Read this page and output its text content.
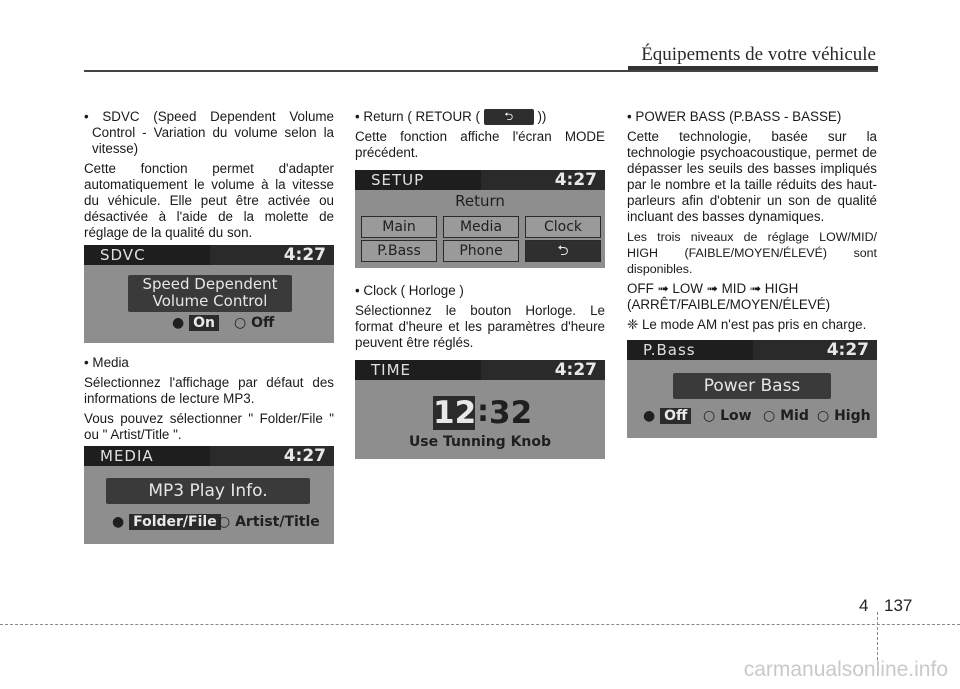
Équipements de votre véhicule

• SDVC (Speed Dependent Volume Control - Variation du volume selon la vitesse)

Cette fonction permet d'adapter automatiquement le volume à la vitesse du véhicule. Elle peut être activée ou désactivée à l'aide de la molette de réglage de la qualité du son.

SDVC	4:27
Speed Dependent
Volume Control
● On ○ Off

• Media

Sélectionnez l'affichage par défaut des informations de lecture MP3.

Vous pouvez sélectionner " Folder/File " ou " Artist/Title ".

MEDIA	4:27
MP3 Play Info.
● Folder/File ○ Artist/Title

• Return ( RETOUR ( ⮌ ))

Cette fonction affiche l'écran MODE précédent.

SETUP	4:27
Return
Main	Media	Clock
P.Bass	Phone	⮌

• Clock ( Horloge )

Sélectionnez le bouton Horloge. Le format d'heure et les paramètres d'heure peuvent être réglés.

TIME	4:27
12 : 32
Use Tunning Knob

• POWER BASS (P.BASS - BASSE)

Cette technologie, basée sur la technologie psychoacoustique, permet de dépasser les seuils des basses impliqués par le nombre et la taille réduits des haut-parleurs afin d'obtenir un son de qualité incluant des basses dynamiques.

Les trois niveaux de réglage LOW/MID/ HIGH (FAIBLE/MOYEN/ÉLEVÉ) sont disponibles.

OFF ➟ LOW ➟ MID ➟ HIGH

(ARRÊT/FAIBLE/MOYEN/ÉLEVÉ)

❈ Le mode AM n'est pas pris en charge.

P.Bass	4:27
Power Bass
● Off ○ Low ○ Mid ○ High
4 137
carmanualsonline.info
